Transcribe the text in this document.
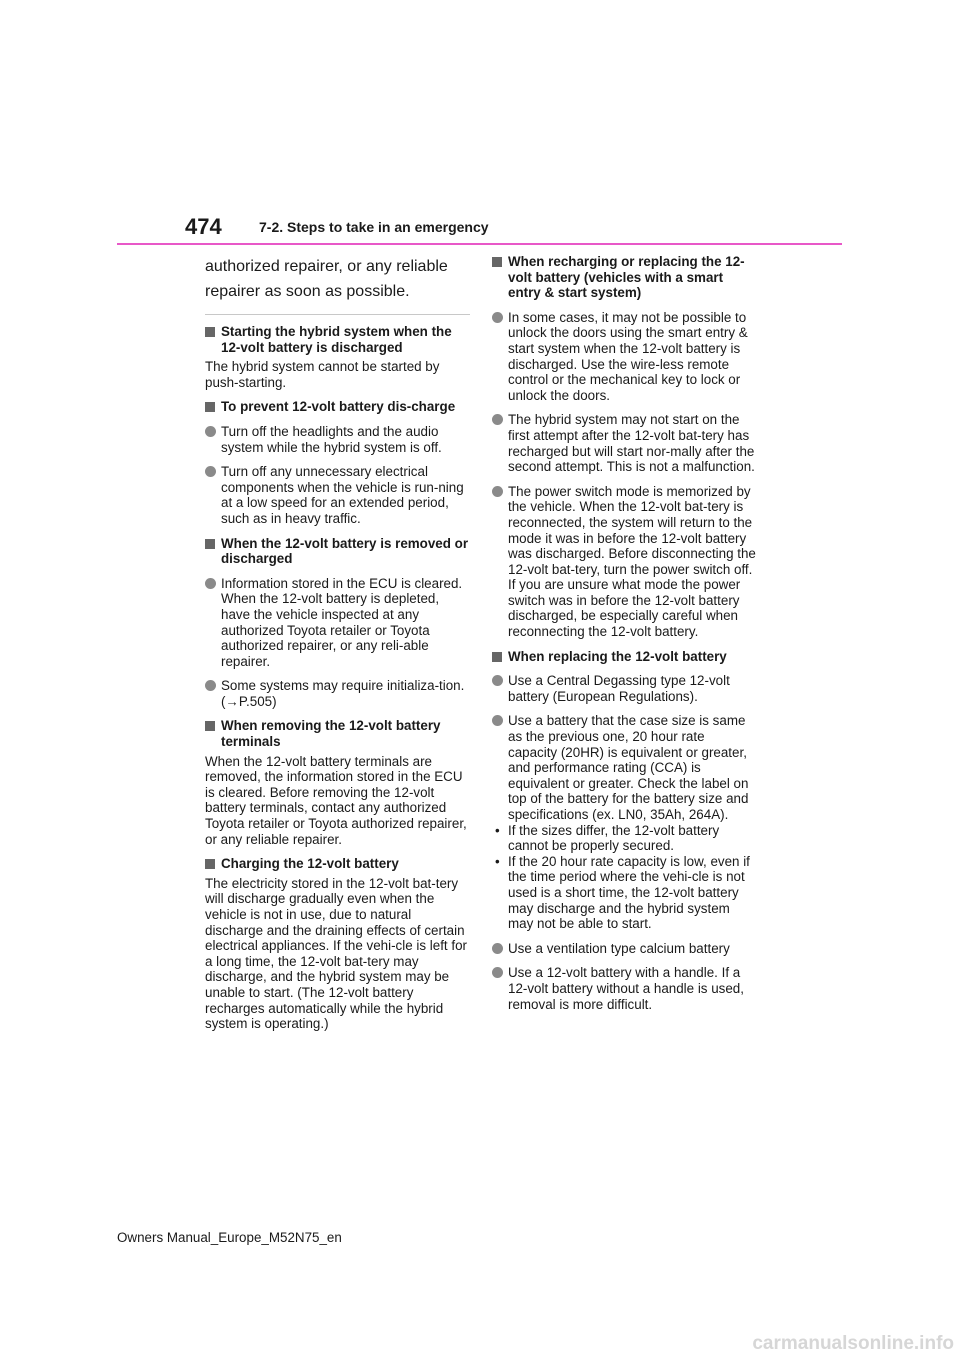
474	7-2. Steps to take in an emergency
authorized repairer, or any reliable repairer as soon as possible.
Starting the hybrid system when the 12-volt battery is discharged
The hybrid system cannot be started by push-starting.
To prevent 12-volt battery dis-charge
Turn off the headlights and the audio system while the hybrid system is off.
Turn off any unnecessary electrical components when the vehicle is run-ning at a low speed for an extended period, such as in heavy traffic.
When the 12-volt battery is removed or discharged
Information stored in the ECU is cleared. When the 12-volt battery is depleted, have the vehicle inspected at any authorized Toyota retailer or Toyota authorized repairer, or any reli-able repairer.
Some systems may require initializa-tion. (→P.505)
When removing the 12-volt battery terminals
When the 12-volt battery terminals are removed, the information stored in the ECU is cleared. Before removing the 12-volt battery terminals, contact any authorized Toyota retailer or Toyota authorized repairer, or any reliable repairer.
Charging the 12-volt battery
The electricity stored in the 12-volt bat-tery will discharge gradually even when the vehicle is not in use, due to natural discharge and the draining effects of certain electrical appliances. If the vehi-cle is left for a long time, the 12-volt bat-tery may discharge, and the hybrid system may be unable to start. (The 12-volt battery recharges automatically while the hybrid system is operating.)
When recharging or replacing the 12-volt battery (vehicles with a smart entry & start system)
In some cases, it may not be possible to unlock the doors using the smart entry & start system when the 12-volt battery is discharged. Use the wire-less remote control or the mechanical key to lock or unlock the doors.
The hybrid system may not start on the first attempt after the 12-volt bat-tery has recharged but will start nor-mally after the second attempt. This is not a malfunction.
The power switch mode is memorized by the vehicle. When the 12-volt bat-tery is reconnected, the system will return to the mode it was in before the 12-volt battery was discharged. Before disconnecting the 12-volt bat-tery, turn the power switch off. If you are unsure what mode the power switch was in before the 12-volt battery discharged, be especially careful when reconnecting the 12-volt battery.
When replacing the 12-volt battery
Use a Central Degassing type 12-volt battery (European Regulations).
Use a battery that the case size is same as the previous one, 20 hour rate capacity (20HR) is equivalent or greater, and performance rating (CCA) is equivalent or greater. Check the label on top of the battery for the battery size and specifications (ex. LN0, 35Ah, 264A).
• If the sizes differ, the 12-volt battery cannot be properly secured.
• If the 20 hour rate capacity is low, even if the time period where the vehi-cle is not used is a short time, the 12-volt battery may discharge and the hybrid system may not be able to start.
Use a ventilation type calcium battery
Use a 12-volt battery with a handle. If a 12-volt battery without a handle is used, removal is more difficult.
Owners Manual_Europe_M52N75_en
carmanualsonline.info
